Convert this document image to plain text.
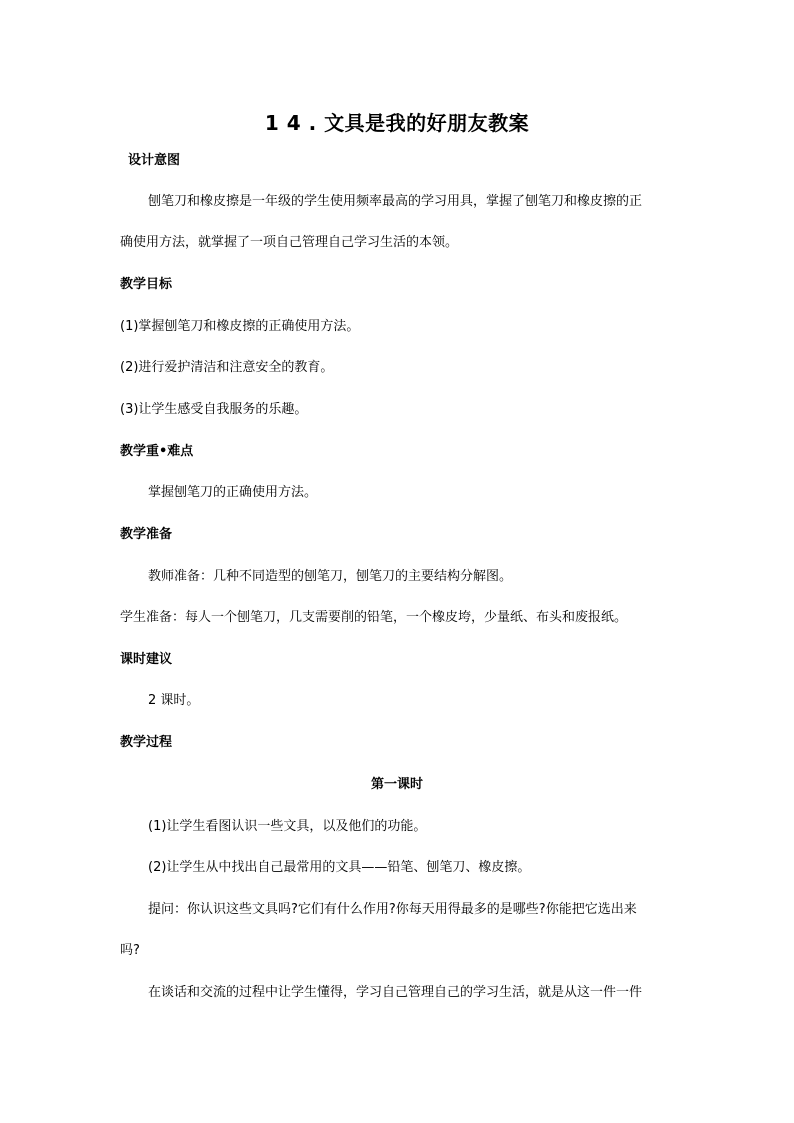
1 4 . 文具是我的好朋友教案
设计意图
刨笔刀和橡皮擦是一年级的学生使用频率最高的学习用具，掌握了刨笔刀和橡皮擦的正
确使用方法，就掌握了一项自己管理自己学习生活的本领。
教学目标
(1)掌握刨笔刀和橡皮擦的正确使用方法。
(2)进行爱护清洁和注意安全的教育。
(3)让学生感受自我服务的乐趣。
教学重•难点
掌握刨笔刀的正确使用方法。
教学准备
教师准备：几种不同造型的刨笔刀，刨笔刀的主要结构分解图。
学生准备：每人一个刨笔刀，几支需要削的铅笔，一个橡皮垮，少量纸、布头和废报纸。
课时建议
2 课时。
教学过程
第一课时
(1)让学生看图认识一些文具，以及他们的功能。
(2)让学生从中找出自己最常用的文具——铅笔、刨笔刀、橡皮擦。
提问：你认识这些文具吗?它们有什么作用?你每天用得最多的是哪些?你能把它选出来
吗?
在谈话和交流的过程中让学生懂得，学习自己管理自己的学习生活，就是从这一件一件
